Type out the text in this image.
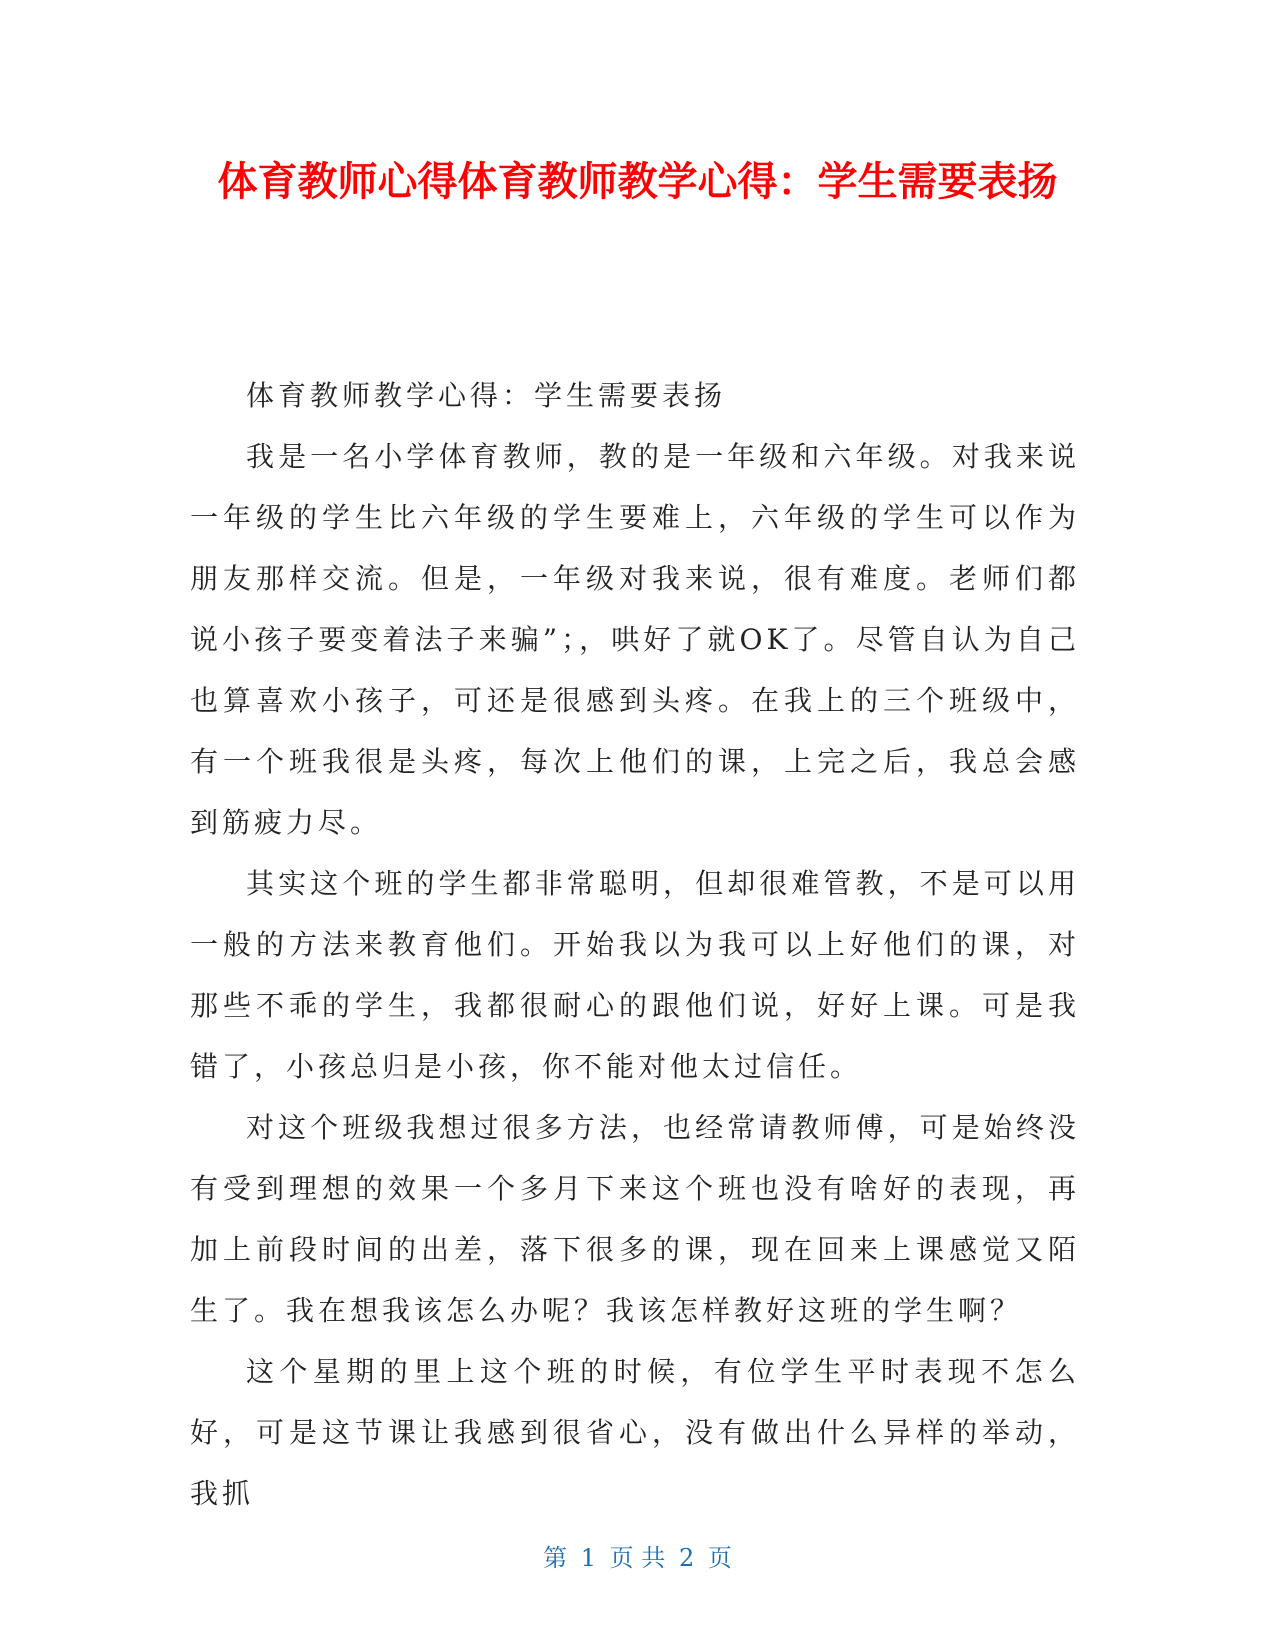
体育教师心得体育教师教学心得：学生需要表扬

体育教师教学心得：学生需要表扬

我是一名小学体育教师，教的是一年级和六年级。对我来说一年级的学生比六年级的学生要难上，六年级的学生可以作为朋友那样交流。但是，一年级对我来说，很有难度。老师们都说小孩子要变着法子来骗”；，哄好了就OK了。尽管自认为自己也算喜欢小孩子，可还是很感到头疼。在我上的三个班级中，有一个班我很是头疼，每次上他们的课，上完之后，我总会感到筋疲力尽。

其实这个班的学生都非常聪明，但却很难管教，不是可以用一般的方法来教育他们。开始我以为我可以上好他们的课，对那些不乖的学生，我都很耐心的跟他们说，好好上课。可是我错了，小孩总归是小孩，你不能对他太过信任。

对这个班级我想过很多方法，也经常请教师傅，可是始终没有受到理想的效果一个多月下来这个班也没有啥好的表现，再加上前段时间的出差，落下很多的课，现在回来上课感觉又陌生了。我在想我该怎么办呢？我该怎样教好这班的学生啊？

这个星期的里上这个班的时候，有位学生平时表现不怎么好，可是这节课让我感到很省心，没有做出什么异样的举动，我抓

第 1 页 共 2 页
